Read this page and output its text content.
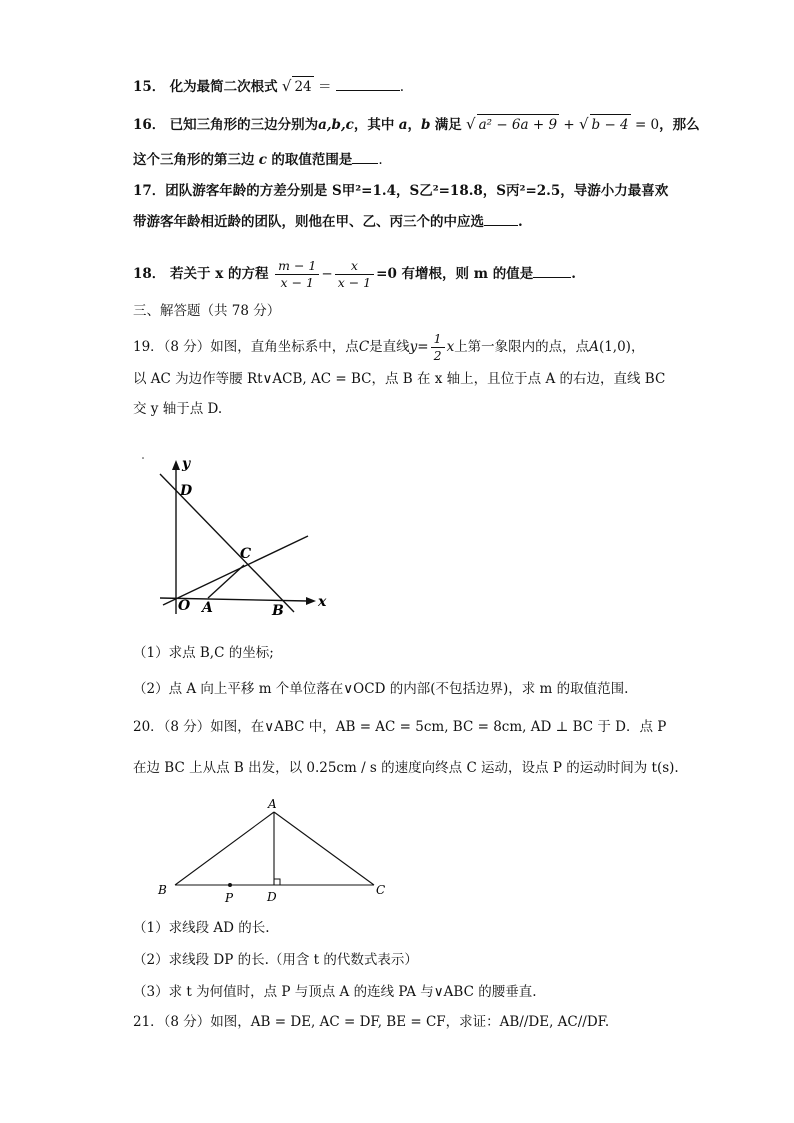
15． 化为最简二次根式 √ 24 ＝	.
16． 已知三角形的三边分别为a,b,c，其中 a，b 满足 √ a² − 6a + 9 + √ b − 4 = 0，那么
这个三角形的第三边 c 的取值范围是 .
17．团队游客年龄的方差分别是 S甲²=1.4，S乙²=18.8，S丙²=2.5，导游小力最喜欢
带游客年龄相近龄的团队，则他在甲、乙、丙三个的中应选	.
18． 若关于 x 的方程 $\frac{m - 1}{x - 1} - \frac{x}{x - 1} =0$ 有增根，则 m 的值是	.
三、解答题（共 78 分）
19．（8 分）如图，直角坐标系中，点C是直线$y= \frac{1}{2}$ x上第一象限内的点，点A(1,0)，
以 AC 为边作等腰 Rt∨ACB, AC = BC，点 B 在 x 轴上，且位于点 A 的右边，直线 BC
交 y 轴于点 D.
y
x
D
C
O A	B
（1）求点 B,C 的坐标;
（2）点 A 向上平移 m 个单位落在∨OCD 的内部(不包括边界)，求 m 的取值范围.
20．（8 分）如图，在∨ABC 中，AB = AC = 5cm, BC = 8cm, AD ⊥ BC 于 D．点 P
在边 BC 上从点 B 出发，以 0.25cm / s 的速度向终点 C 运动，设点 P 的运动时间为 t(s).
A
B	C
D
P
（1）求线段 AD 的长.
（2）求线段 DP 的长.（用含 t 的代数式表示）
（3）求 t 为何值时，点 P 与顶点 A 的连线 PA 与∨ABC 的腰垂直.
21．（8 分）如图，AB = DE, AC = DF, BE = CF，求证：AB//DE, AC//DF.
